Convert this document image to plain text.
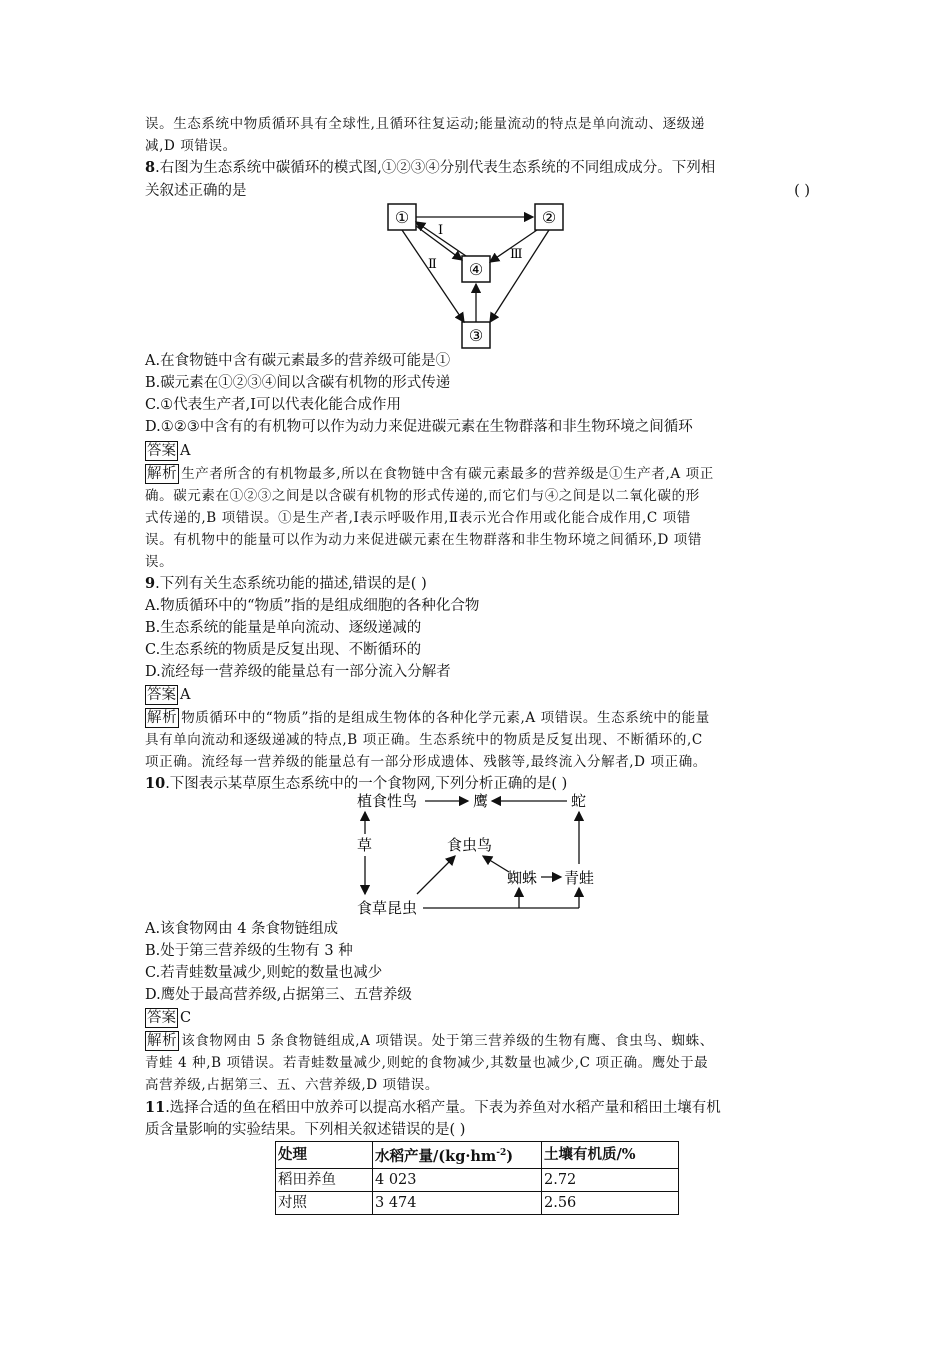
误。生态系统中物质循环具有全球性,且循环往复运动;能量流动的特点是单向流动、逐级递
减,D 项错误。
8.右图为生态系统中碳循环的模式图,①②③④分别代表生态系统的不同组成成分。下列相
关叙述正确的是	( )
①	②
④
③
Ⅰ
Ⅱ
Ⅲ
A.在食物链中含有碳元素最多的营养级可能是①
B.碳元素在①②③④间以含碳有机物的形式传递
C.①代表生产者,Ⅰ可以代表化能合成作用
D.①②③中含有的有机物可以作为动力来促进碳元素在生物群落和非生物环境之间循环
答案 A
解析 生产者所含的有机物最多,所以在食物链中含有碳元素最多的营养级是①生产者,A 项正
确。碳元素在①②③之间是以含碳有机物的形式传递的,而它们与④之间是以二氧化碳的形
式传递的,B 项错误。①是生产者,Ⅰ表示呼吸作用,Ⅱ表示光合作用或化能合成作用,C 项错
误。有机物中的能量可以作为动力来促进碳元素在生物群落和非生物环境之间循环,D 项错
误。
9.下列有关生态系统功能的描述,错误的是( )
A.物质循环中的“物质”指的是组成细胞的各种化合物
B.生态系统的能量是单向流动、逐级递减的
C.生态系统的物质是反复出现、不断循环的
D.流经每一营养级的能量总有一部分流入分解者
答案 A
解析 物质循环中的“物质”指的是组成生物体的各种化学元素,A 项错误。生态系统中的能量
具有单向流动和逐级递减的特点,B 项正确。生态系统中的物质是反复出现、不断循环的,C
项正确。流经每一营养级的能量总有一部分形成遗体、残骸等,最终流入分解者,D 项正确。
10.下图表示某草原生态系统中的一个食物网,下列分析正确的是( )
植食性鸟	鹰	蛇
草	食虫鸟
蜘蛛 青蛙
食草昆虫
A.该食物网由 4 条食物链组成
B.处于第三营养级的生物有 3 种
C.若青蛙数量减少,则蛇的数量也减少
D.鹰处于最高营养级,占据第三、五营养级
答案 C
解析 该食物网由 5 条食物链组成,A 项错误。处于第三营养级的生物有鹰、食虫鸟、蜘蛛、
青蛙 4 种,B 项错误。若青蛙数量减少,则蛇的食物减少,其数量也减少,C 项正确。鹰处于最
高营养级,占据第三、五、六营养级,D 项错误。
11.选择合适的鱼在稻田中放养可以提高水稻产量。下表为养鱼对水稻产量和稻田土壤有机
质含量影响的实验结果。下列相关叙述错误的是( )
处理	水稻产量$/(kg\cdot hm^{-2})$	土壤有机质/%
稻田养鱼	4 023	2.72
对照	3 474	2.56
